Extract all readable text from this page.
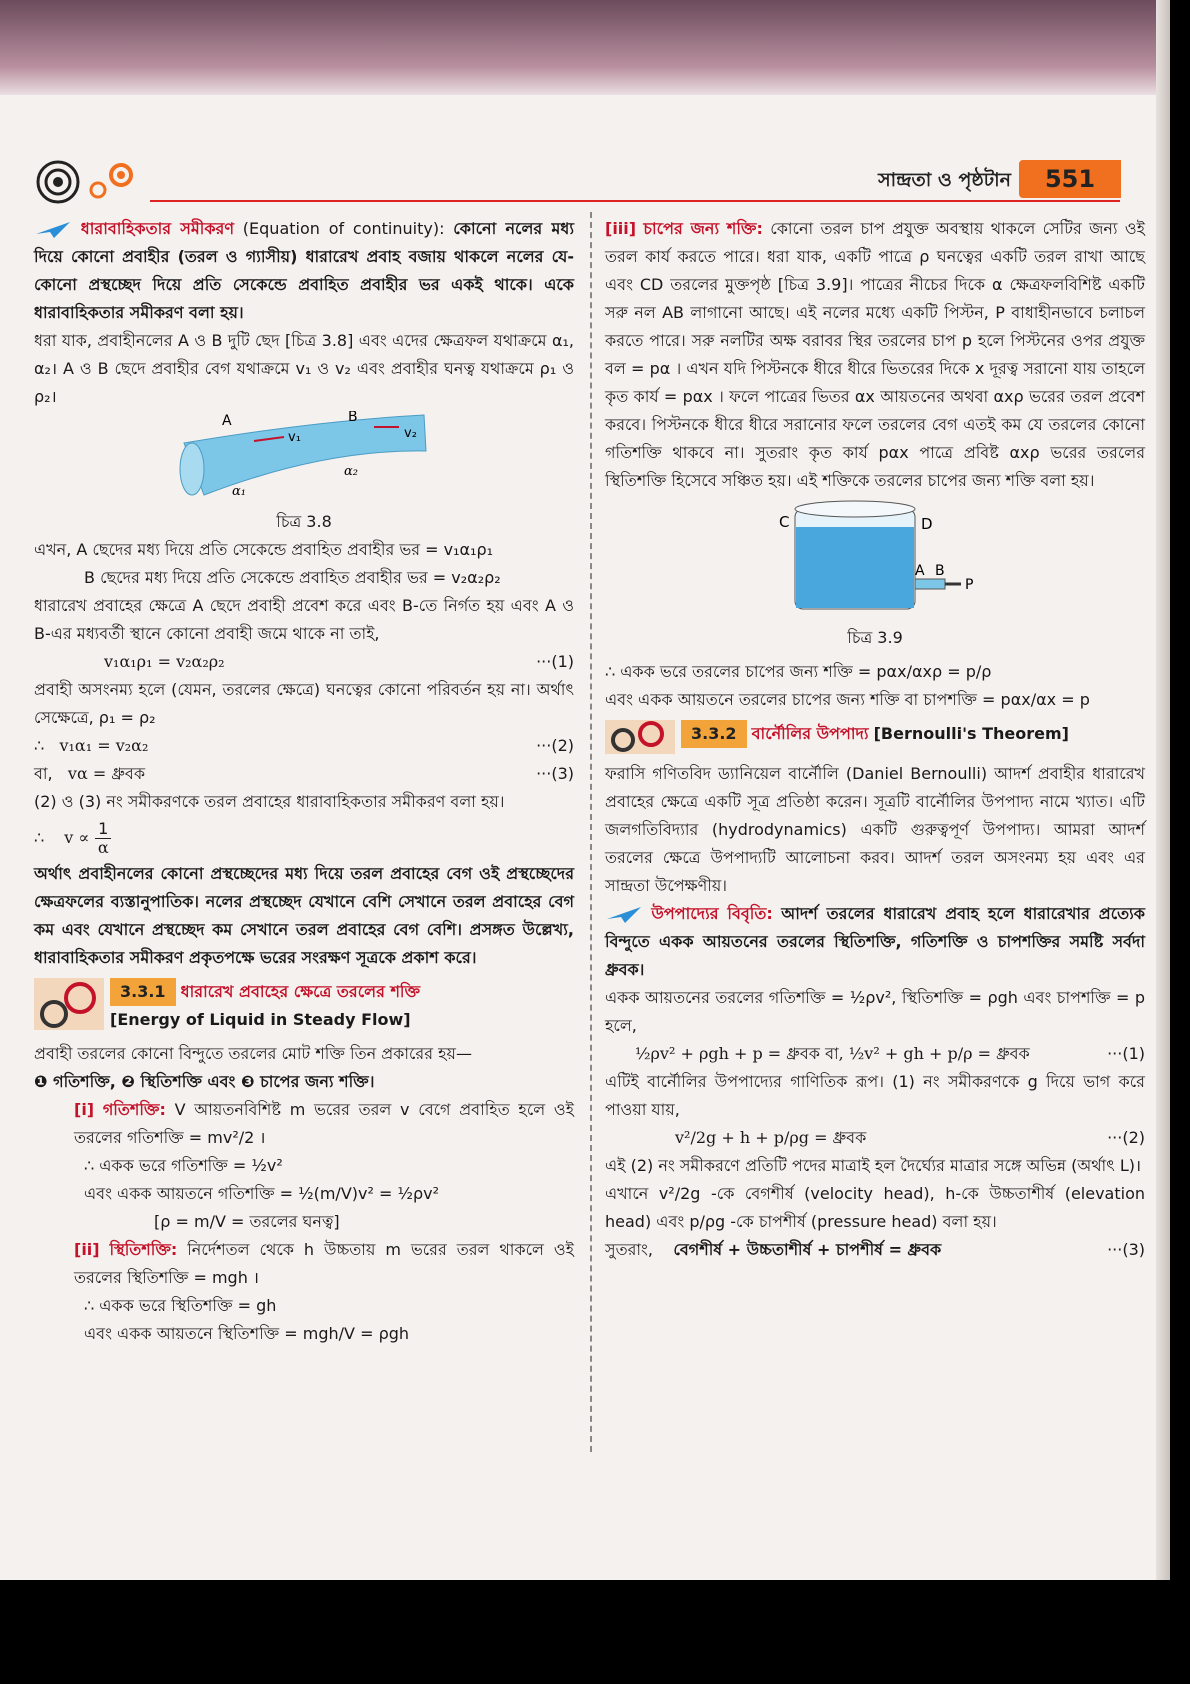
সান্দ্রতা ও পৃষ্ঠটান	551

ধারাবাহিকতার সমীকরণ (Equation of continuity): কোনো নলের মধ্য দিয়ে কোনো প্রবাহীর (তরল ও গ্যাসীয়) ধারারেখ প্রবাহ বজায় থাকলে নলের যে-কোনো প্রস্থচ্ছেদ দিয়ে প্রতি সেকেন্ডে প্রবাহিত প্রবাহীর ভর একই থাকে। একে ধারাবাহিকতার সমীকরণ বলা হয়।

ধরা যাক, প্রবাহীনলের A ও B দুটি ছেদ [চিত্র 3.8] এবং এদের ক্ষেত্রফল যথাক্রমে α₁, α₂। A ও B ছেদে প্রবাহীর বেগ যথাক্রমে v₁ ও v₂ এবং প্রবাহীর ঘনত্ব যথাক্রমে ρ₁ ও ρ₂।

A	B
v₁	v₂
α₁
α₂
চিত্র 3.8

এখন, A ছেদের মধ্য দিয়ে প্রতি সেকেন্ডে প্রবাহিত প্রবাহীর ভর = v₁α₁ρ₁

B ছেদের মধ্য দিয়ে প্রতি সেকেন্ডে প্রবাহিত প্রবাহীর ভর = v₂α₂ρ₂

ধারারেখ প্রবাহের ক্ষেত্রে A ছেদে প্রবাহী প্রবেশ করে এবং B-তে নির্গত হয় এবং A ও B-এর মধ্যবর্তী স্থানে কোনো প্রবাহী জমে থাকে না তাই,

v₁α₁ρ₁ = v₂α₂ρ₂	···(1)

প্রবাহী অসংনম্য হলে (যেমন, তরলের ক্ষেত্রে) ঘনত্বের কোনো পরিবর্তন হয় না। অর্থাৎ সেক্ষেত্রে, ρ₁ = ρ₂

∴ v₁α₁ = v₂α₂	···(2)
বা, vα = ধ্রুবক	···(3)

(2) ও (3) নং সমীকরণকে তরল প্রবাহের ধারাবাহিকতার সমীকরণ বলা হয়।

∴ v ∝ 1
α

অর্থাৎ প্রবাহীনলের কোনো প্রস্থচ্ছেদের মধ্য দিয়ে তরল প্রবাহের বেগ ওই প্রস্থচ্ছেদের ক্ষেত্রফলের ব্যস্তানুপাতিক। নলের প্রস্থচ্ছেদ যেখানে বেশি সেখানে তরল প্রবাহের বেগ কম এবং যেখানে প্রস্থচ্ছেদ কম সেখানে তরল প্রবাহের বেগ বেশি। প্রসঙ্গত উল্লেখ্য, ধারাবাহিকতার সমীকরণ প্রকৃতপক্ষে ভরের সংরক্ষণ সূত্রকে প্রকাশ করে।

3.3.1 ধারারেখ প্রবাহের ক্ষেত্রে তরলের শক্তি
[Energy of Liquid in Steady Flow]

প্রবাহী তরলের কোনো বিন্দুতে তরলের মোট শক্তি তিন প্রকারের হয়—

❶ গতিশক্তি, ❷ স্থিতিশক্তি এবং ❸ চাপের জন্য শক্তি।

[i] গতিশক্তি: V আয়তনবিশিষ্ট m ভরের তরল v বেগে প্রবাহিত হলে ওই তরলের গতিশক্তি = mv²/2 ।

∴ একক ভরে গতিশক্তি = ½v²

এবং একক আয়তনে গতিশক্তি = ½(m/V)v² = ½ρv²

[ρ = m/V = তরলের ঘনত্ব]

[ii] স্থিতিশক্তি: নির্দেশতল থেকে h উচ্চতায় m ভরের তরল থাকলে ওই তরলের স্থিতিশক্তি = mgh ।

∴ একক ভরে স্থিতিশক্তি = gh

এবং একক আয়তনে স্থিতিশক্তি = mgh/V = ρgh

[iii] চাপের জন্য শক্তি: কোনো তরল চাপ প্রযুক্ত অবস্থায় থাকলে সেটির জন্য ওই তরল কার্য করতে পারে। ধরা যাক, একটি পাত্রে ρ ঘনত্বের একটি তরল রাখা আছে এবং CD তরলের মুক্তপৃষ্ঠ [চিত্র 3.9]। পাত্রের নীচের দিকে α ক্ষেত্রফলবিশিষ্ট একটি সরু নল AB লাগানো আছে। এই নলের মধ্যে একটি পিস্টন, P বাধাহীনভাবে চলাচল করতে পারে। সরু নলটির অক্ষ বরাবর স্থির তরলের চাপ p হলে পিস্টনের ওপর প্রযুক্ত বল = pα । এখন যদি পিস্টনকে ধীরে ধীরে ভিতরের দিকে x দূরত্ব সরানো যায় তাহলে কৃত কার্য = pαx । ফলে পাত্রের ভিতর αx আয়তনের অথবা αxρ ভরের তরল প্রবেশ করবে। পিস্টনকে ধীরে ধীরে সরানোর ফলে তরলের বেগ এতই কম যে তরলের কোনো গতিশক্তি থাকবে না। সুতরাং কৃত কার্য pαx পাত্রে প্রবিষ্ট αxρ ভরের তরলের স্থিতিশক্তি হিসেবে সঞ্চিত হয়। এই শক্তিকে তরলের চাপের জন্য শক্তি বলা হয়।

C	D
A B
P
চিত্র 3.9

∴ একক ভরে তরলের চাপের জন্য শক্তি = pαx/αxρ = p/ρ

এবং একক আয়তনে তরলের চাপের জন্য শক্তি বা চাপশক্তি = pαx/αx = p

3.3.2 বার্নৌলির উপপাদ্য [Bernoulli's Theorem]

ফরাসি গণিতবিদ ড্যানিয়েল বার্নৌলি (Daniel Bernoulli) আদর্শ প্রবাহীর ধারারেখ প্রবাহের ক্ষেত্রে একটি সূত্র প্রতিষ্ঠা করেন। সূত্রটি বার্নৌলির উপপাদ্য নামে খ্যাত। এটি জলগতিবিদ্যার (hydrodynamics) একটি গুরুত্বপূর্ণ উপপাদ্য। আমরা আদর্শ তরলের ক্ষেত্রে উপপাদ্যটি আলোচনা করব। আদর্শ তরল অসংনম্য হয় এবং এর সান্দ্রতা উপেক্ষণীয়।

উপপাদ্যের বিবৃতি: আদর্শ তরলের ধারারেখ প্রবাহ হলে ধারারেখার প্রত্যেক বিন্দুতে একক আয়তনের তরলের স্থিতিশক্তি, গতিশক্তি ও চাপশক্তির সমষ্টি সর্বদা ধ্রুবক।

একক আয়তনের তরলের গতিশক্তি = ½ρv², স্থিতিশক্তি = ρgh এবং চাপশক্তি = p হলে,

½ρv² + ρgh + p = ধ্রুবক বা, ½v² + gh + p/ρ = ধ্রুবক	···(1)

এটিই বার্নৌলির উপপাদ্যের গাণিতিক রূপ। (1) নং সমীকরণকে g দিয়ে ভাগ করে পাওয়া যায়,

v²/2g + h + p/ρg = ধ্রুবক	···(2)

এই (2) নং সমীকরণে প্রতিটি পদের মাত্রাই হল দৈর্ঘ্যের মাত্রার সঙ্গে অভিন্ন (অর্থাৎ L)।

এখানে v²/2g -কে বেগশীর্ষ (velocity head), h-কে উচ্চতাশীর্ষ (elevation head) এবং p/ρg -কে চাপশীর্ষ (pressure head) বলা হয়।

সুতরাং, বেগশীর্ষ + উচ্চতাশীর্ষ + চাপশীর্ষ = ধ্রুবক	···(3)
